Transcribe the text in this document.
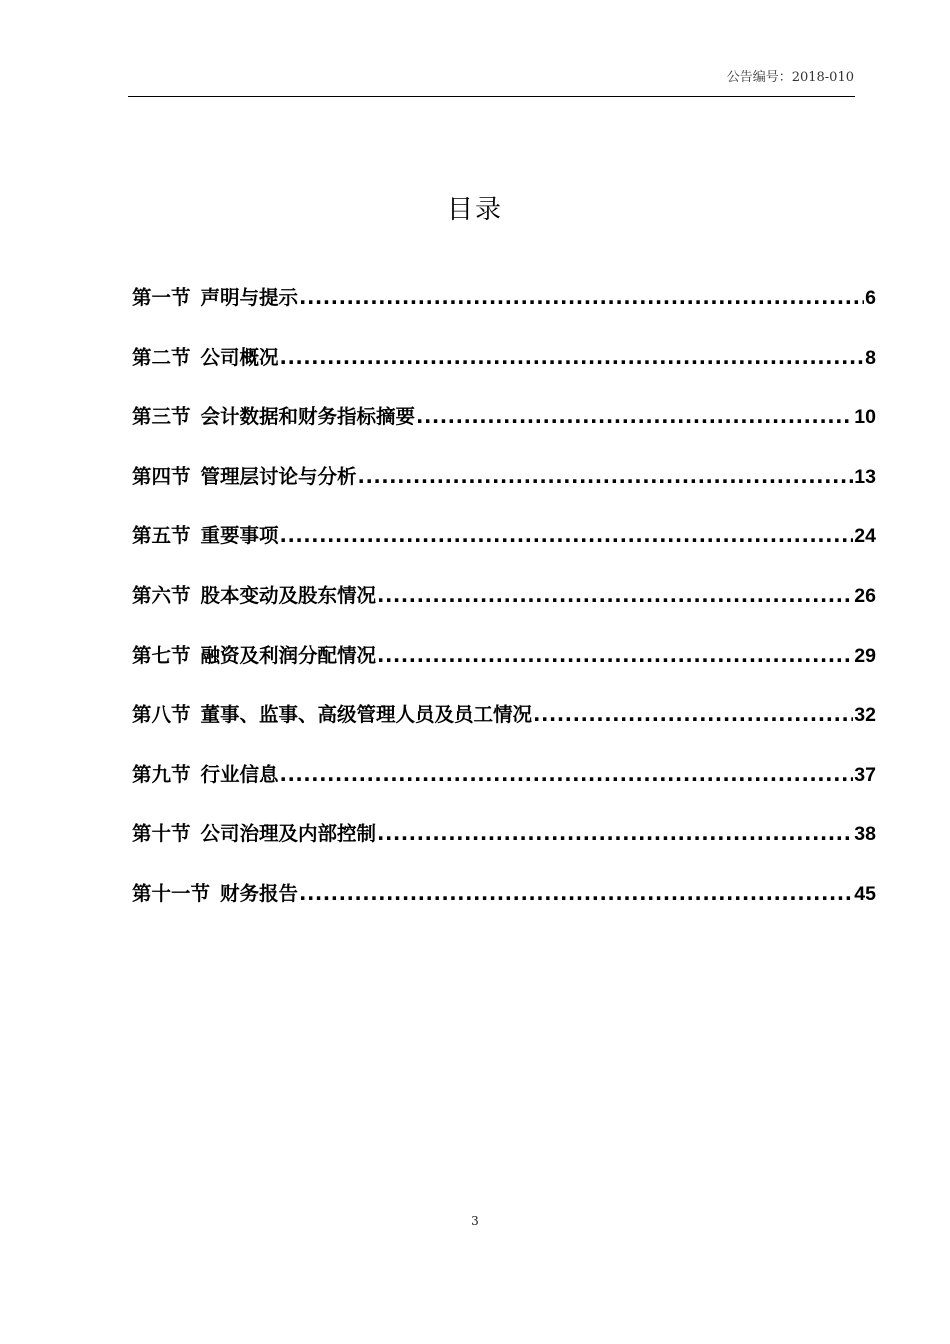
公告编号：2018-010
目录
第一节 声明与提示 .....	6
第二节 公司概况 .....	8
第三节 会计数据和财务指标摘要 .....	10
第四节 管理层讨论与分析 .....	13
第五节 重要事项 .....	24
第六节 股本变动及股东情况 .....	26
第七节 融资及利润分配情况 .....	29
第八节 董事、监事、高级管理人员及员工情况 .....	32
第九节 行业信息 .....	37
第十节 公司治理及内部控制 .....	38
第十一节 财务报告 .....	45
3
